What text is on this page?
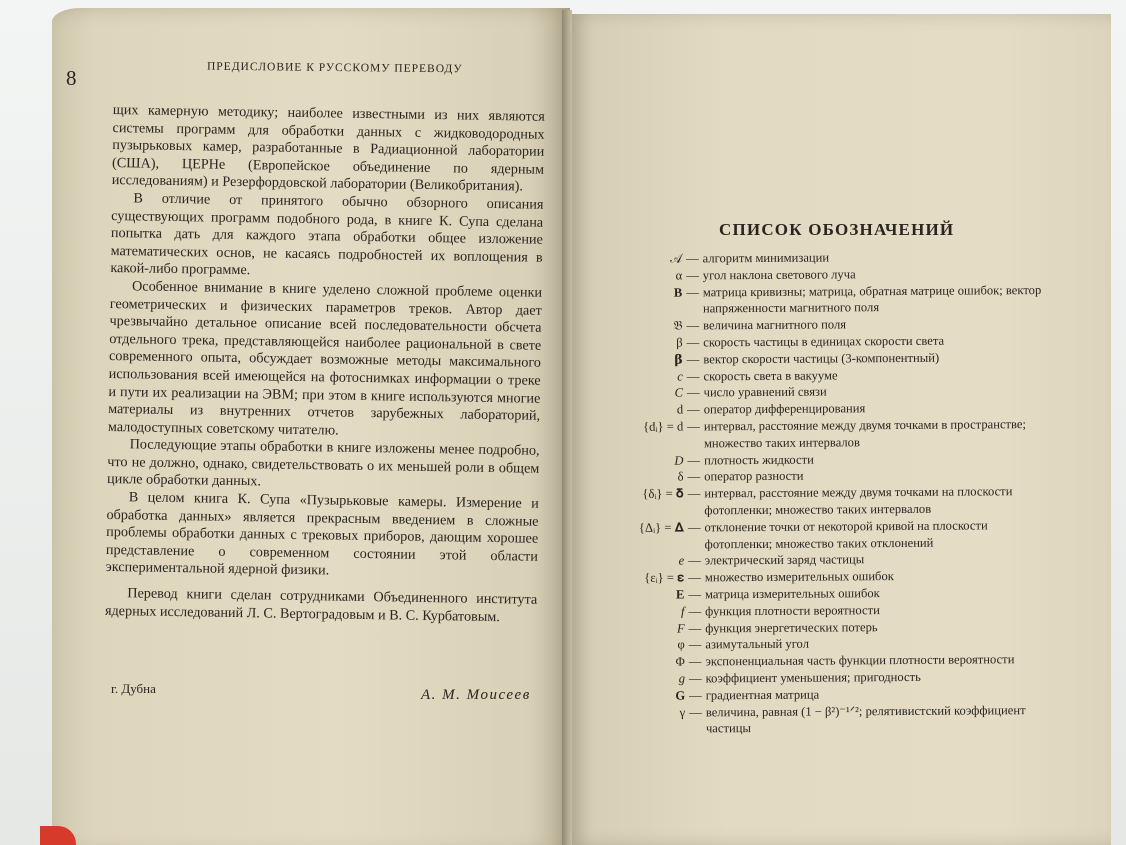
8	ПРЕДИСЛОВИЕ К РУССКОМУ ПЕРЕВОДУ

щих камерную методику; наиболее известными из них являются системы программ для обработки данных с жидководородных пузырьковых камер, разработанные в Радиационной лаборатории (США), ЦЕРНе (Европейское объединение по ядерным исследованиям) и Резерфордовской лаборатории (Великобритания).

В отличие от принятого обычно обзорного описания существующих программ подобного рода, в книге К. Супа сделана попытка дать для каждого этапа обработки общее изложение математических основ, не касаясь подробностей их воплощения в какой-либо программе.

Особенное внимание в книге уделено сложной проблеме оценки геометрических и физических параметров треков. Автор дает чрезвычайно детальное описание всей последовательности обсчета отдельного трека, представляющейся наиболее рациональной в свете современного опыта, обсуждает возможные методы максимального использования всей имеющейся на фотоснимках информации о треке и пути их реализации на ЭВМ; при этом в книге используются многие материалы из внутренних отчетов зарубежных лабораторий, малодоступных советскому читателю.

Последующие этапы обработки в книге изложены менее подробно, что не должно, однако, свидетельствовать о их меньшей роли в общем цикле обработки данных.

В целом книга К. Супа «Пузырьковые камеры. Измерение и обработка данных» является прекрасным введением в сложные проблемы обработки данных с трековых приборов, дающим хорошее представление о современном состоянии этой области экспериментальной ядерной физики.

Перевод книги сделан сотрудниками Объединенного института ядерных исследований Л. С. Вертоградовым и В. С. Курбатовым.

г. Дубна	А. М. Моисеев
СПИСОК ОБОЗНАЧЕНИЙ
𝒜 — алгоритм минимизации
α — угол наклона светового луча
B — матрица кривизны; матрица, обратная матрице ошибок; вектор напряженности магнитного поля
𝔅 — величина магнитного поля
β — скорость частицы в единицах скорости света
𝛃 — вектор скорости частицы (3-компонентный)
c — скорость света в вакууме
C — число уравнений связи
d — оператор дифференцирования
{dᵢ} = d — интервал, расстояние между двумя точками в пространстве; множество таких интервалов
D — плотность жидкости
δ — оператор разности
{δᵢ} = 𝛅 — интервал, расстояние между двумя точками на плоскости фотопленки; множество таких интервалов
{Δᵢ} = 𝚫 — отклонение точки от некоторой кривой на плоскости фотопленки; множество таких отклонений
e — электрический заряд частицы
{εᵢ} = 𝛆 — множество измерительных ошибок
E — матрица измерительных ошибок
f — функция плотности вероятности
F — функция энергетических потерь
φ — азимутальный угол
Φ — экспоненциальная часть функции плотности вероятности
g — коэффициент уменьшения; пригодность
G — градиентная матрица
γ — величина, равная (1 − β²)⁻¹ᐟ²; релятивистский коэффициент частицы
